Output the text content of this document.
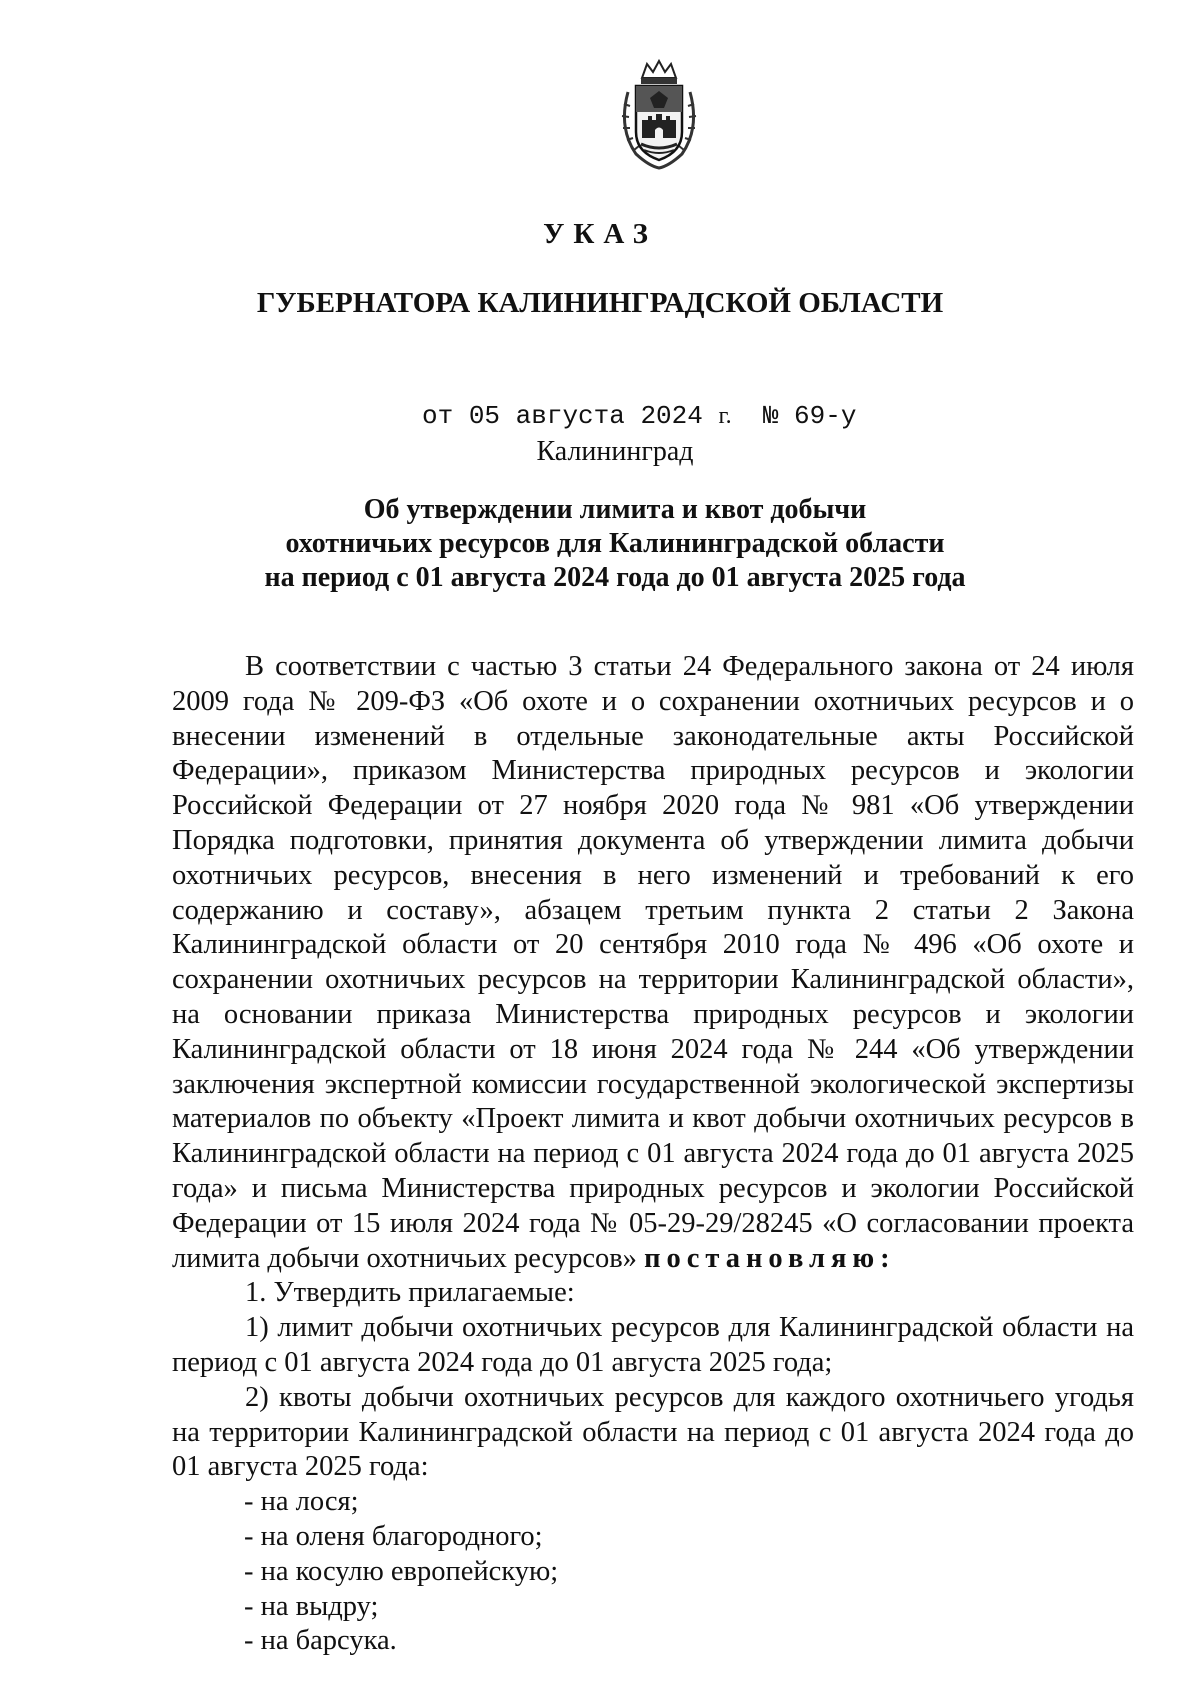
УКАЗ
ГУБЕРНАТОРА КАЛИНИНГРАДСКОЙ ОБЛАСТИ
от 05 августа 2024 г. № 69-у
Калининград
Об утверждении лимита и квот добычи
охотничьих ресурсов для Калининградской области
на период с 01 августа 2024 года до 01 августа 2025 года

В соответствии с частью 3 статьи 24 Федерального закона от 24 июля 2009 года № 209-ФЗ «Об охоте и о сохранении охотничьих ресурсов и о внесении изменений в отдельные законодательные акты Российской Федерации», приказом Министерства природных ресурсов и экологии Российской Федерации от 27 ноября 2020 года № 981 «Об утверждении Порядка подготовки, принятия документа об утверждении лимита добычи охотничьих ресурсов, внесения в него изменений и требований к его содержанию и составу», абзацем третьим пункта 2 статьи 2 Закона Калининградской области от 20 сентября 2010 года № 496 «Об охоте и сохранении охотничьих ресурсов на территории Калининградской области», на основании приказа Министерства природных ресурсов и экологии Калининградской области от 18 июня 2024 года № 244 «Об утверждении заключения экспертной комиссии государственной экологической экспертизы материалов по объекту «Проект лимита и квот добычи охотничьих ресурсов в Калининградской области на период с 01 августа 2024 года до 01 августа 2025 года» и письма Министерства природных ресурсов и экологии Российской Федерации от 15 июля 2024 года № 05-29-29/28245 «О согласовании проекта лимита добычи охотничьих ресурсов» постановляю:

1. Утвердить прилагаемые:

1) лимит добычи охотничьих ресурсов для Калининградской области на период с 01 августа 2024 года до 01 августа 2025 года;

2) квоты добычи охотничьих ресурсов для каждого охотничьего угодья на территории Калининградской области на период с 01 августа 2024 года до 01 августа 2025 года:

- на лося;

- на оленя благородного;

- на косулю европейскую;

- на выдру;

- на барсука.
